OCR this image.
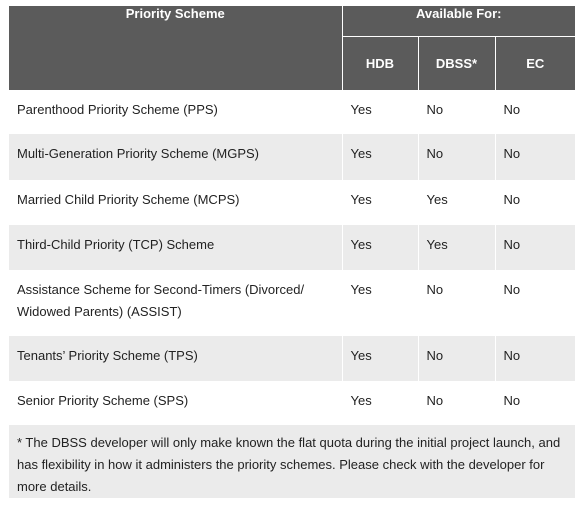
Priority Scheme	Available For:		
	HDB	DBSS*	EC
Parenthood Priority Scheme (PPS)	Yes	No	No
Multi-Generation Priority Scheme (MGPS)	Yes	No	No
Married Child Priority Scheme (MCPS)	Yes	Yes	No
Third-Child Priority (TCP) Scheme	Yes	Yes	No
Assistance Scheme for Second-Timers (Divorced/ Widowed Parents) (ASSIST)	Yes	No	No
Tenants’ Priority Scheme (TPS)	Yes	No	No
Senior Priority Scheme (SPS)	Yes	No	No
* The DBSS developer will only make known the flat quota during the initial project launch, and has flexibility in how it administers the priority schemes. Please check with the developer for more details.			
